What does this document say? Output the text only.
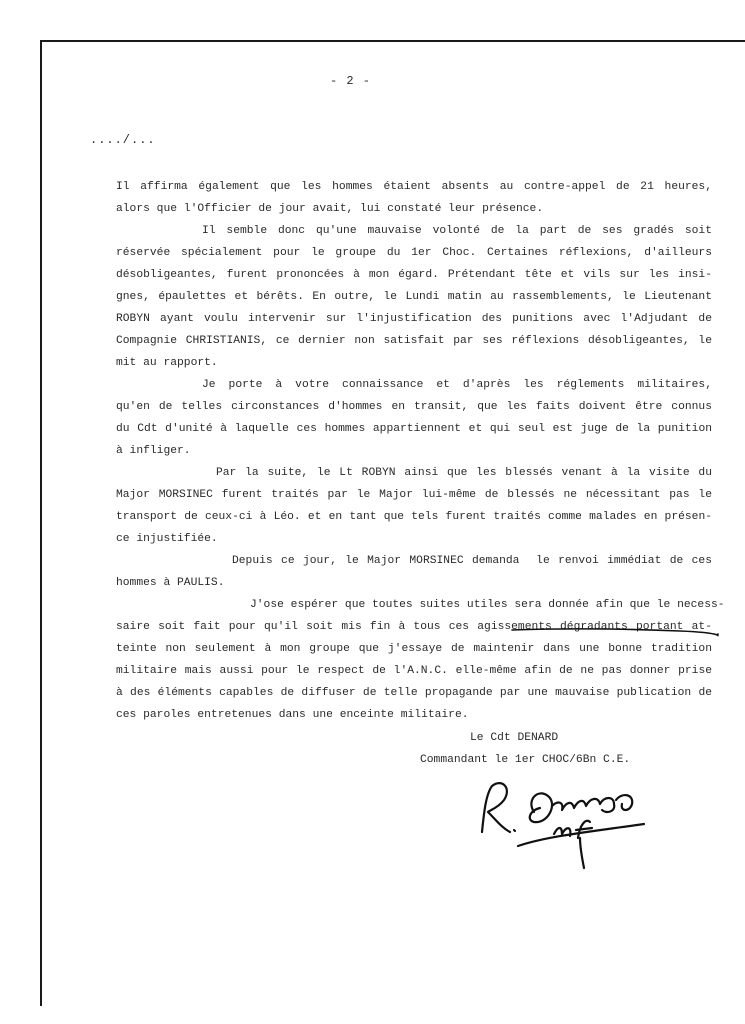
- 2 -
..../...

Il affirma également que les hommes étaient absents au contre-appel de 21 heures,
alors que l'Officier de jour avait, lui constaté leur présence.

Il semble donc qu'une mauvaise volonté de la part de ses gradés soit
réservée spécialement pour le groupe du 1er Choc. Certaines réflexions, d'ailleurs
désobligeantes, furent prononcées à mon égard. Prétendant tête et vils sur les insi-
gnes, épaulettes et bérêts. En outre, le Lundi matin au rassemblements, le Lieutenant
ROBYN ayant voulu intervenir sur l'injustification des punitions avec l'Adjudant de
Compagnie CHRISTIANIS, ce dernier non satisfait par ses réflexions désobligeantes, le
mit au rapport.

Je porte à votre connaissance et d'après les réglements militaires,
qu'en de telles circonstances d'hommes en transit, que les faits doivent être connus
du Cdt d'unité à laquelle ces hommes appartiennent et qui seul est juge de la punition
à infliger.

Par la suite, le Lt ROBYN ainsi que les blessés venant à la visite du
Major MORSINEC furent traités par le Major lui-même de blessés ne nécessitant pas le
transport de ceux-ci à Léo. et en tant que tels furent traités comme malades en présen-
ce injustifiée.

Depuis ce jour, le Major MORSINEC demanda  le renvoi immédiat de ces
hommes à PAULIS.

J'ose espérer que toutes suites utiles sera donnée afin que le necess-
saire soit fait pour qu'il soit mis fin à tous ces agissements dégradants portant at-
teinte non seulement à mon groupe que j'essaye de maintenir dans une bonne tradition
militaire mais aussi pour le respect de l'A.N.C. elle-même afin de ne pas donner prise
à des éléments capables de diffuser de telle propagande par une mauvaise publication de
ces paroles entretenues dans une enceinte militaire.

Le Cdt DENARD
Commandant le 1er CHOC/6Bn C.E.
